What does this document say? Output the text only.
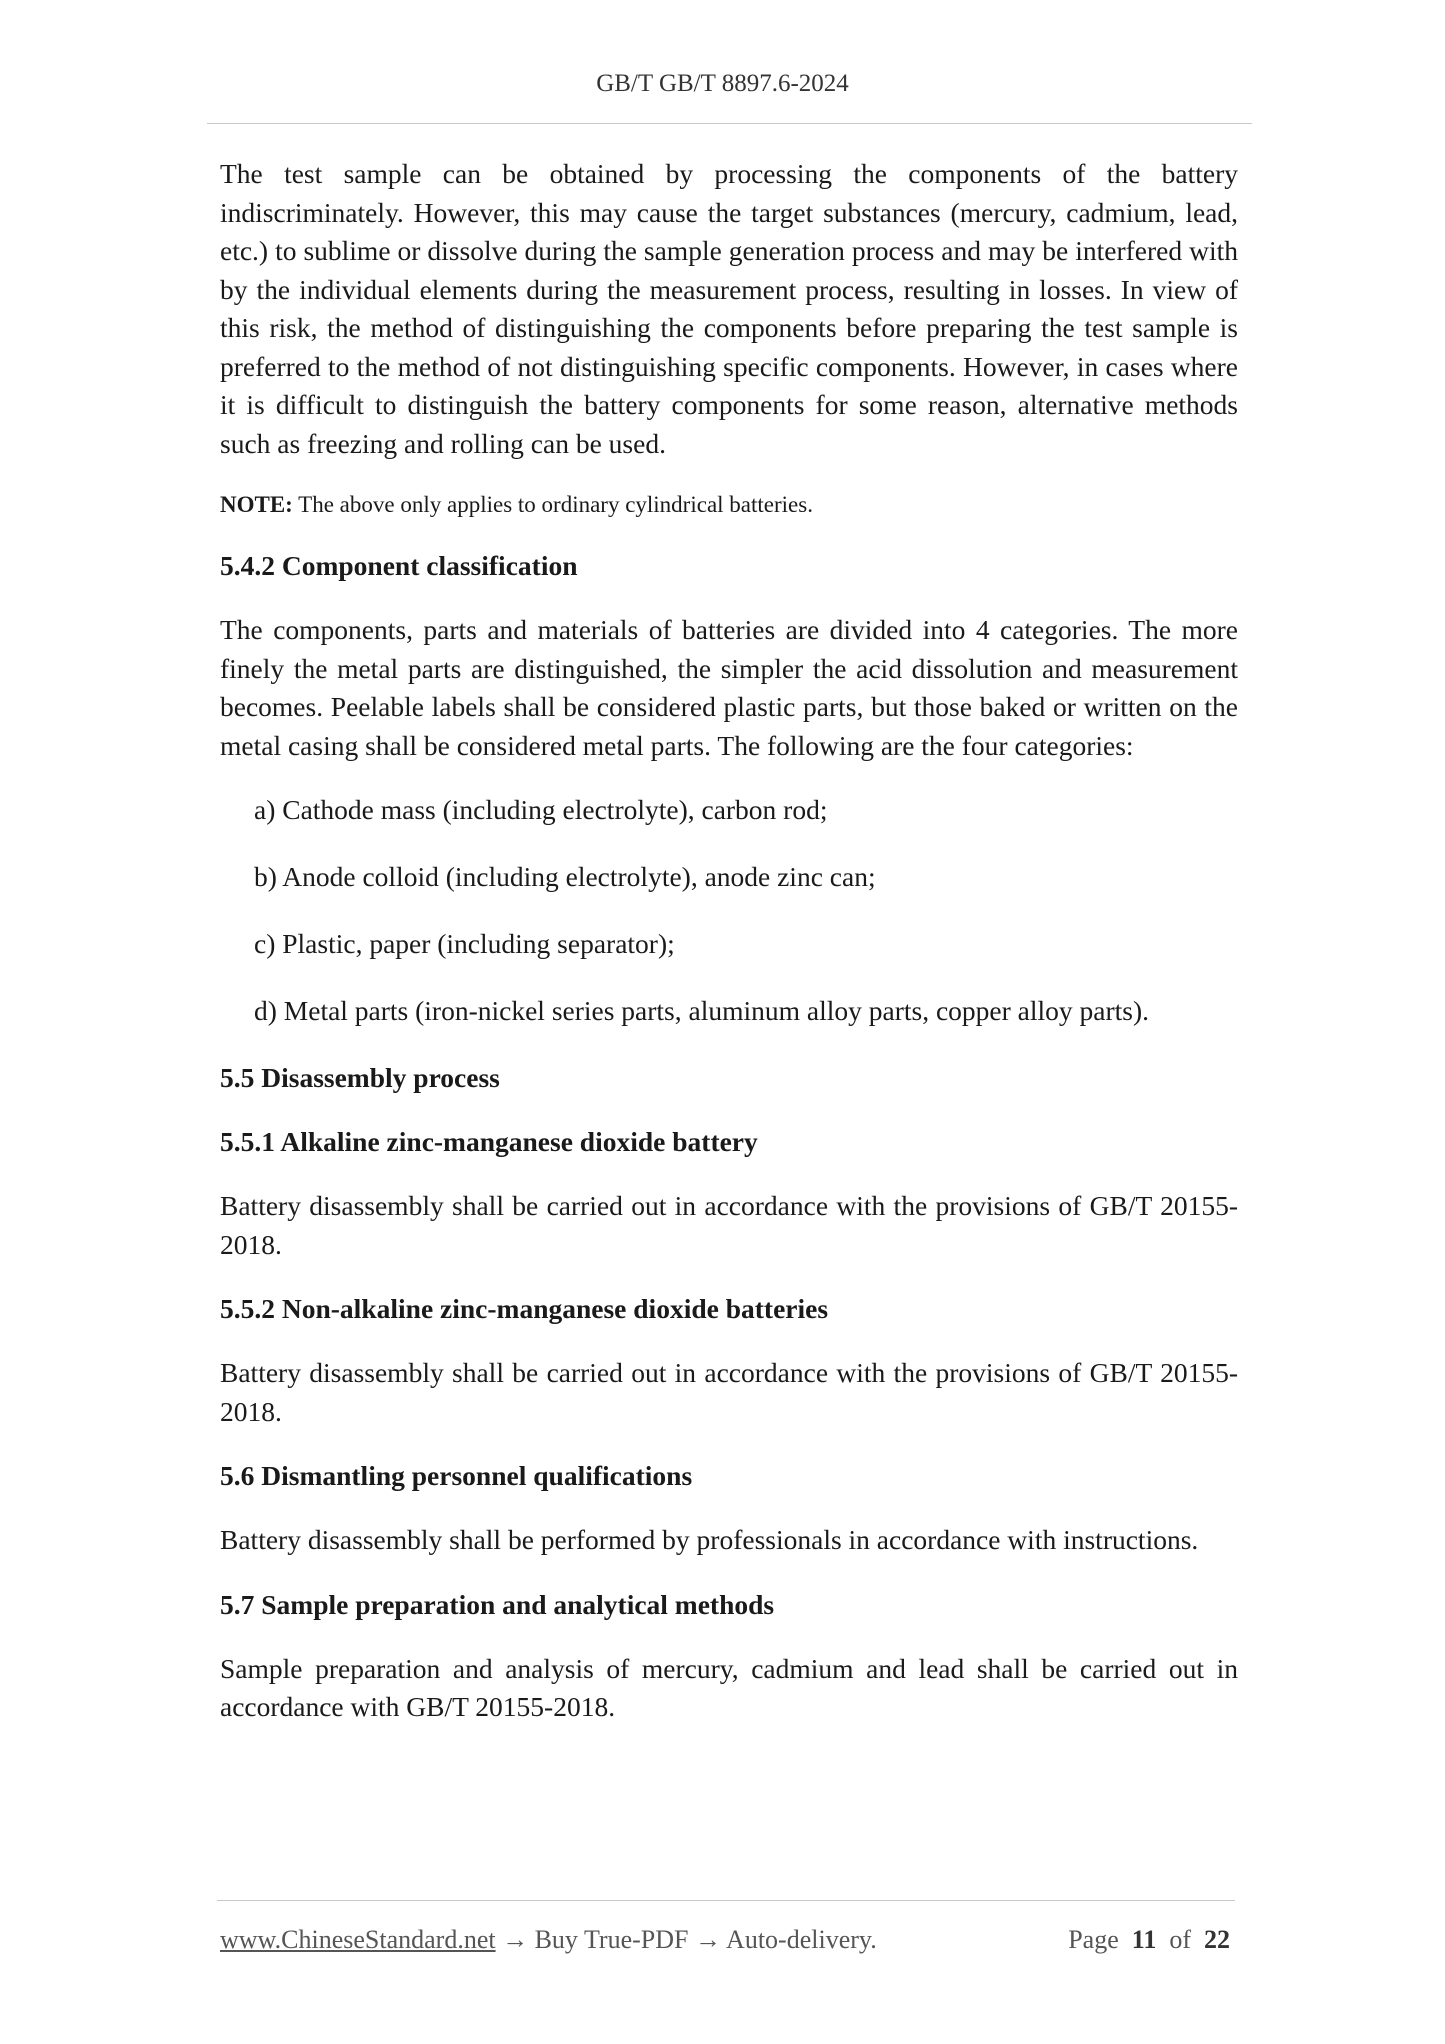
GB/T GB/T 8897.6-2024

The test sample can be obtained by processing the components of the battery indiscriminately. However, this may cause the target substances (mercury, cadmium, lead, etc.) to sublime or dissolve during the sample generation process and may be interfered with by the individual elements during the measurement process, resulting in losses. In view of this risk, the method of distinguishing the components before preparing the test sample is preferred to the method of not distinguishing specific components. However, in cases where it is difficult to distinguish the battery components for some reason, alternative methods such as freezing and rolling can be used.

NOTE: The above only applies to ordinary cylindrical batteries.

5.4.2 Component classification

The components, parts and materials of batteries are divided into 4 categories. The more finely the metal parts are distinguished, the simpler the acid dissolution and measurement becomes. Peelable labels shall be considered plastic parts, but those baked or written on the metal casing shall be considered metal parts. The following are the four categories:

a) Cathode mass (including electrolyte), carbon rod;
b) Anode colloid (including electrolyte), anode zinc can;
c) Plastic, paper (including separator);
d) Metal parts (iron-nickel series parts, aluminum alloy parts, copper alloy parts).
5.5 Disassembly process
5.5.1 Alkaline zinc-manganese dioxide battery

Battery disassembly shall be carried out in accordance with the provisions of GB/T 20155-2018.

5.5.2 Non-alkaline zinc-manganese dioxide batteries

Battery disassembly shall be carried out in accordance with the provisions of GB/T 20155-2018.

5.6 Dismantling personnel qualifications

Battery disassembly shall be performed by professionals in accordance with instructions.

5.7 Sample preparation and analytical methods

Sample preparation and analysis of mercury, cadmium and lead shall be carried out in accordance with GB/T 20155-2018.

www.ChineseStandard.net → Buy True-PDF → Auto-delivery.	Page 11 of 22
